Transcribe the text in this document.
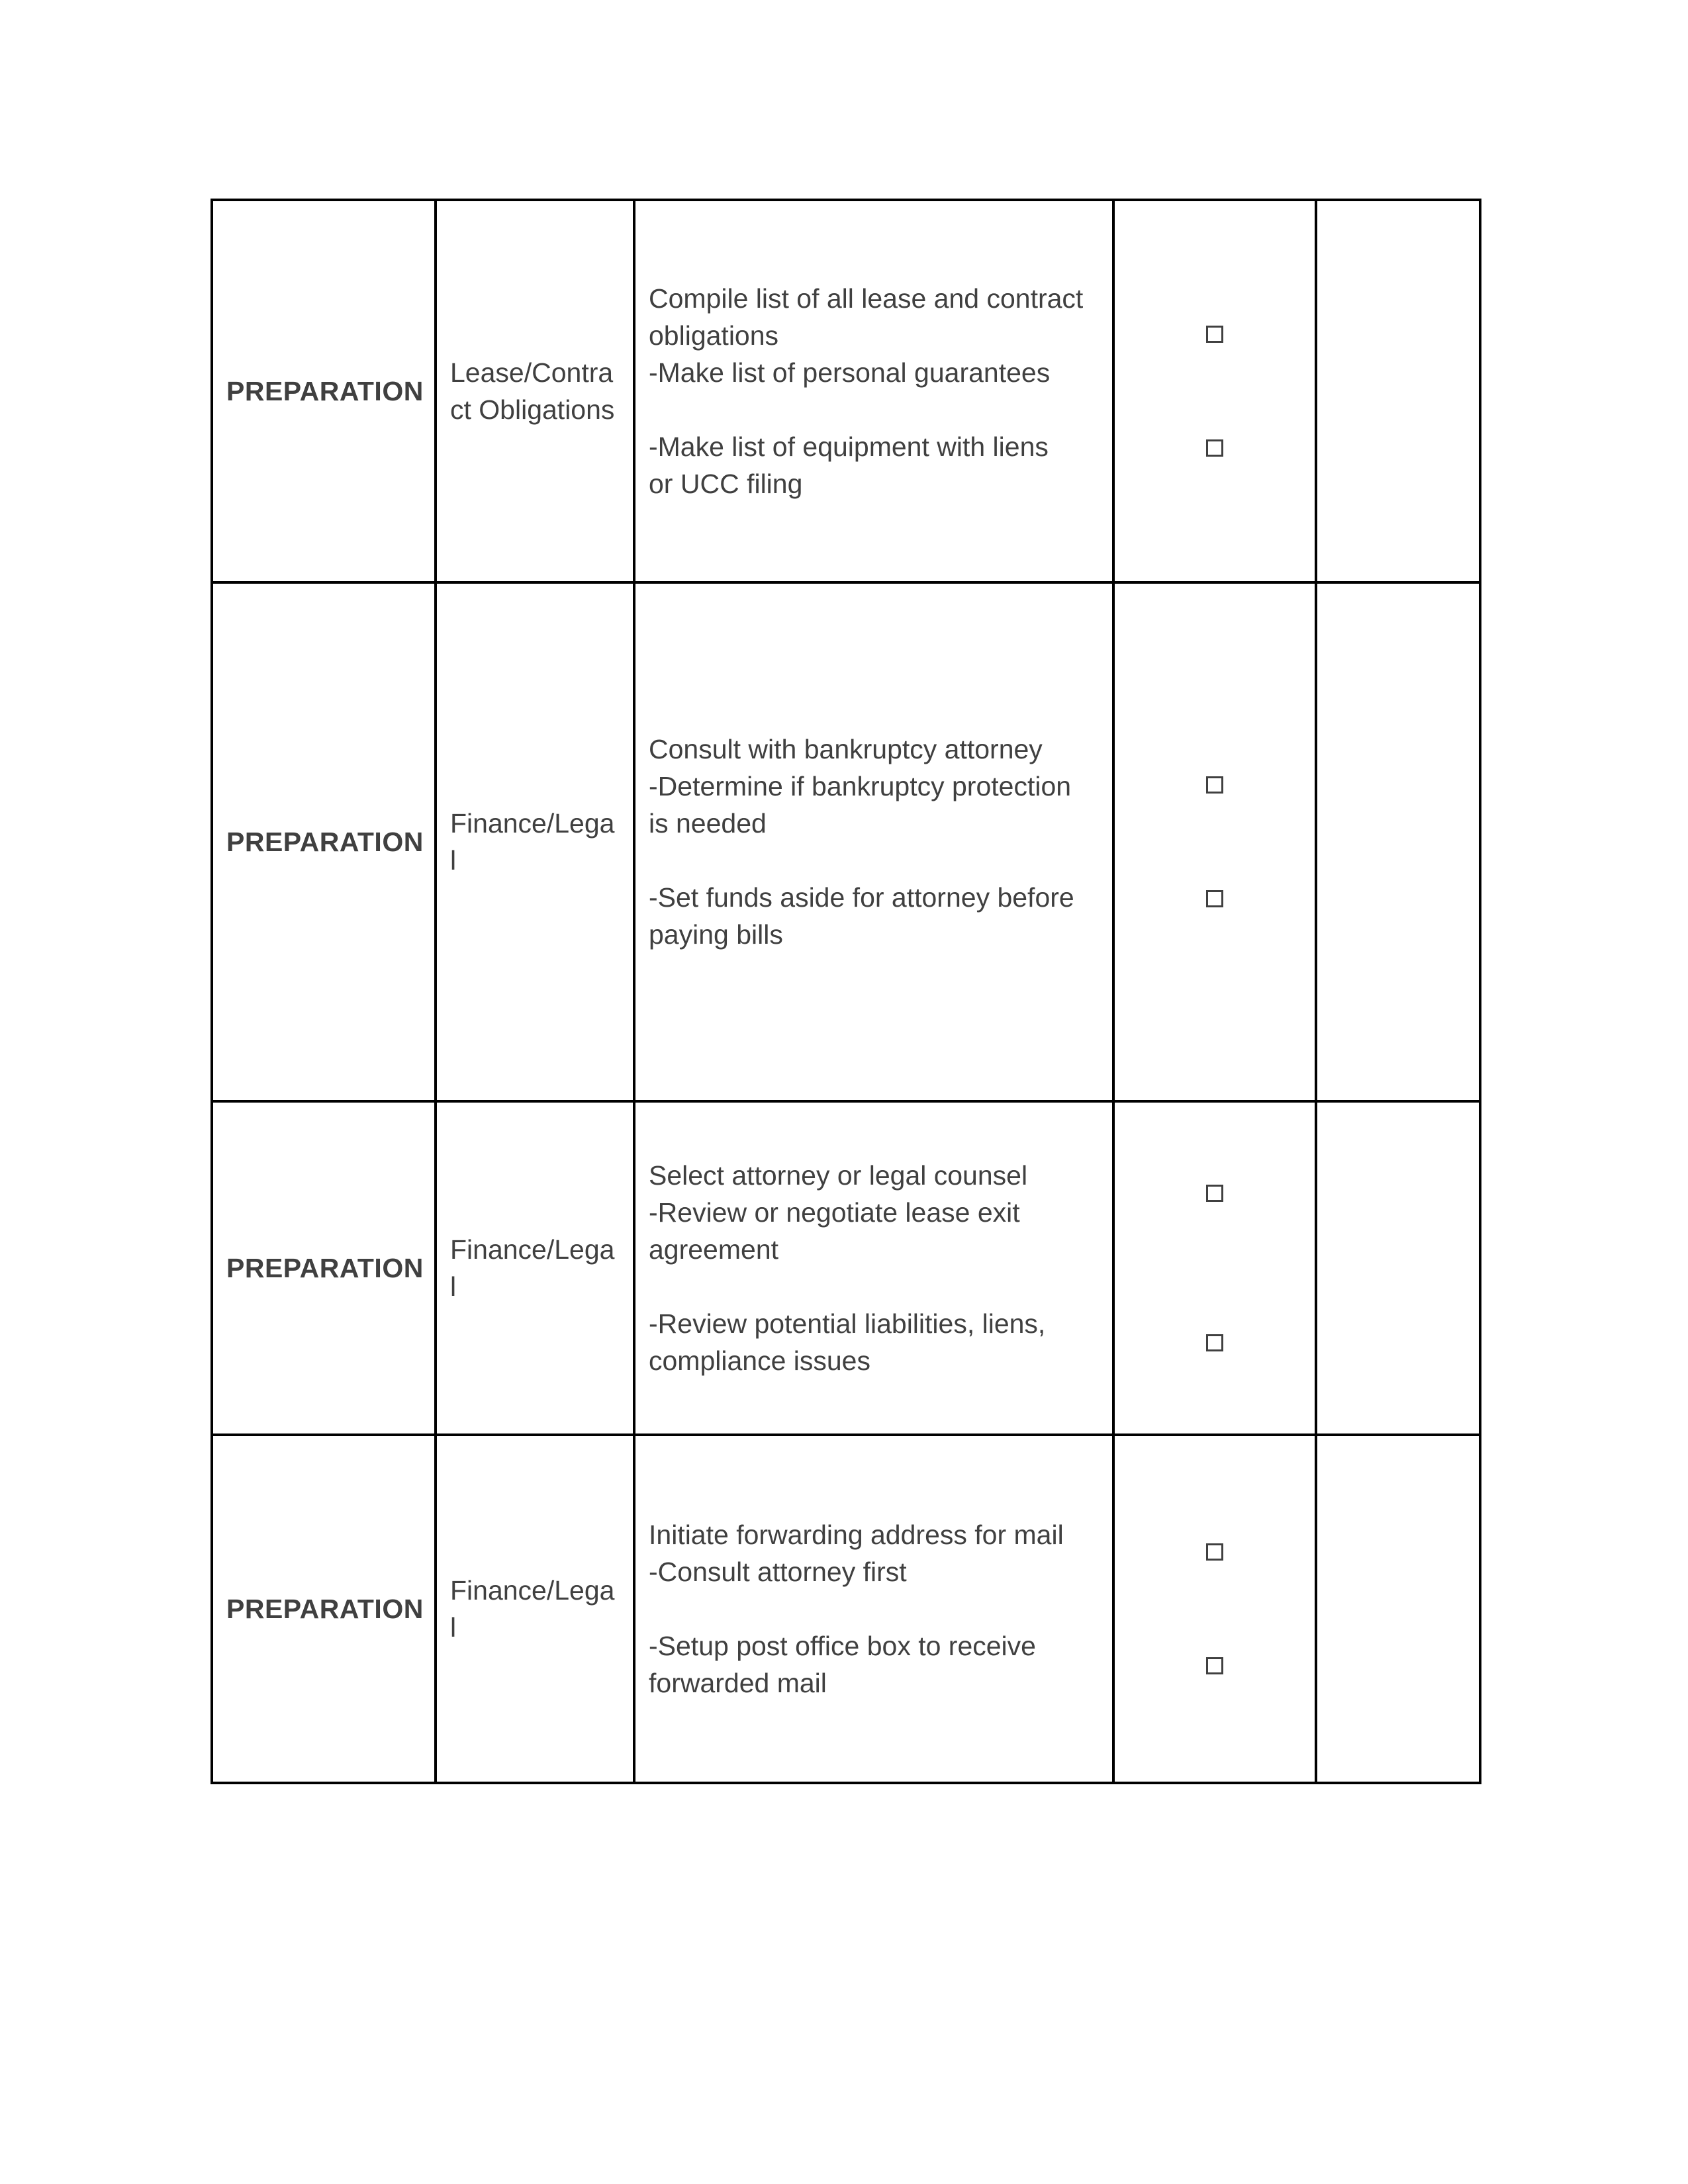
PREPARATION	Lease/Contract Obligations	Compile list of all lease and contract
obligations
-Make list of personal guarantees
-Make list of equipment with liens
or UCC filing		

PREPARATION	Finance/Legal	Consult with bankruptcy attorney
-Determine if bankruptcy protection
is needed
-Set funds aside for attorney before
paying bills		

PREPARATION	Finance/Legal	Select attorney or legal counsel
-Review or negotiate lease exit
agreement
-Review potential liabilities, liens,
compliance issues		

PREPARATION	Finance/Legal	Initiate forwarding address for mail
-Consult attorney first
-Setup post office box to receive
forwarded mail		
